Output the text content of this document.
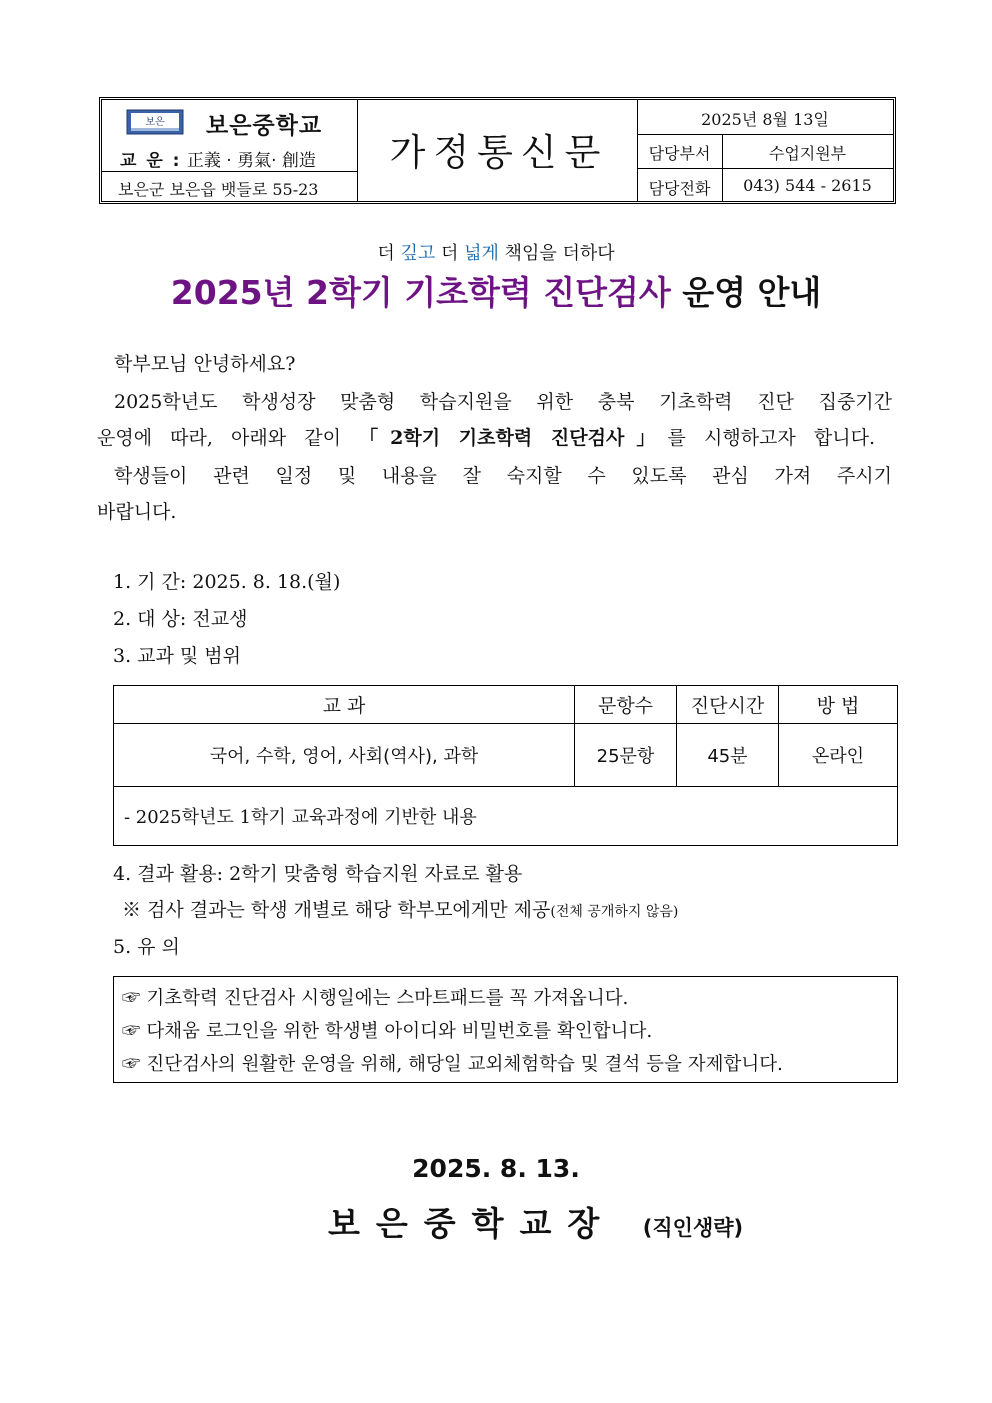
보은 보은중학교
교 운 : 正義 · 勇氣· 創造
보은군 보은읍 뱃들로 55-23
가정통신문
2025년 8월 13일
담당부서	수업지원부
담당전화	043) 544 - 2615
더 깊고 더 넓게 책임을 더하다
2025년 2학기 기초학력 진단검사 운영 안내
학부모님 안녕하세요?
2025학년도 학생성장 맞춤형 학습지원을 위한 충북 기초학력 진단 집중기간
운영에 따라, 아래와 같이 「2학기 기초학력 진단검사」를 시행하고자 합니다.
학생들이 관련 일정 및 내용을 잘 숙지할 수 있도록 관심 가져 주시기
바랍니다.
1. 기 간: 2025. 8. 18.(월)
2. 대 상: 전교생
3. 교과 및 범위
교 과	문항수	진단시간	방 법
국어, 수학, 영어, 사회(역사), 과학	25문항	45분	온라인
- 2025학년도 1학기 교육과정에 기반한 내용			
4. 결과 활용: 2학기 맞춤형 학습지원 자료로 활용
※ 검사 결과는 학생 개별로 해당 학부모에게만 제공(전체 공개하지 않음)
5. 유 의
☞ 기초학력 진단검사 시행일에는 스마트패드를 꼭 가져옵니다.
☞ 다채움 로그인을 위한 학생별 아이디와 비밀번호를 확인합니다.
☞ 진단검사의 원활한 운영을 위해, 해당일 교외체험학습 및 결석 등을 자제합니다.
2025. 8. 13.
보은중학교장 (직인생략)
